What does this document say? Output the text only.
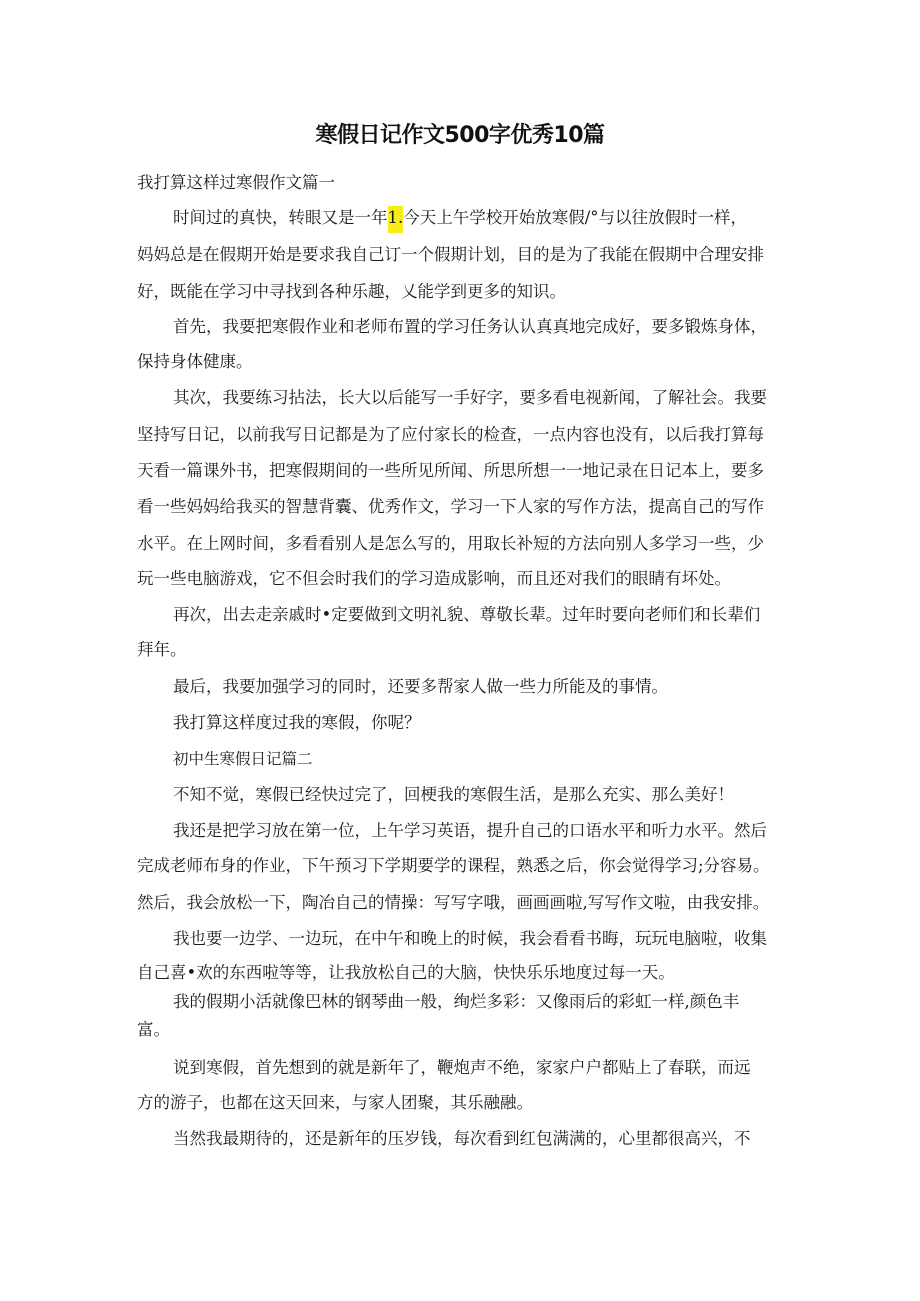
寒假日记作文500字优秀10篇
我打算这样过寒假作文篇一
时间过的真快，转眼又是一年1.今天上午学校开始放寒假/°与以往放假时一样，
妈妈总是在假期开始是要求我自己订一个假期计划，目的是为了我能在假期中合理安排
好，既能在学习中寻找到各种乐趣，乂能学到更多的知识。
首先，我要把寒假作业和老师布置的学习任务认认真真地完成好，要多锻炼身体，
保持身体健康。
其次，我要练习拈法，长大以后能写一手好字，要多看电视新闻，了解社会。我要
坚持写日记，以前我写日记都是为了应付家长的检查，一点内容也没有，以后我打算每
天看一篇课外书，把寒假期间的一些所见所闻、所思所想一一地记录在日记本上，要多
看一些妈妈给我买的智慧背囊、优秀作文，学习一下人家的写作方法，提高自己的写作
水平。在上网时间，多看看别人是怎么写的，用取长补短的方法向别人多学习一些，少
玩一些电脑游戏，它不但会时我们的学习造成影响，而且还对我们的眼睛有坏处。
再次，出去走亲戚时•定要做到文明礼貌、尊敬长辈。过年时要向老师们和长辈们
拜年。
最后，我要加强学习的同时，还要多帮家人做一些力所能及的事情。
我打算这样度过我的寒假，你呢？
初中生寒假日记篇二
不知不觉，寒假已经快过完了，回梗我的寒假生活，是那么充实、那么美好！
我还是把学习放在第一位，上午学习英语，提升自己的口语水平和听力水平。然后
完成老师布身的作业，下午预习下学期要学的课程，熟悉之后，你会觉得学习;分容易。
然后，我会放松一下，陶冶自己的情操：写写字哦，画画画啦,写写作文啦，由我安排。
我也要一边学、一边玩，在中午和晚上的时候，我会看看书晦，玩玩电脑啦，收集
自己喜•欢的东西啦等等，让我放松自己的大脑，快快乐乐地度过每一天。
我的假期小活就像巴林的钢琴曲一般，绚烂多彩：又像雨后的彩虹一样,颜色丰
富。
说到寒假，首先想到的就是新年了，鞭炮声不绝，家家户户都贴上了春联，而远
方的游子，也都在这天回来，与家人团聚，其乐融融。
当然我最期待的，还是新年的压岁钱，每次看到红包满满的，心里都很高兴，不
